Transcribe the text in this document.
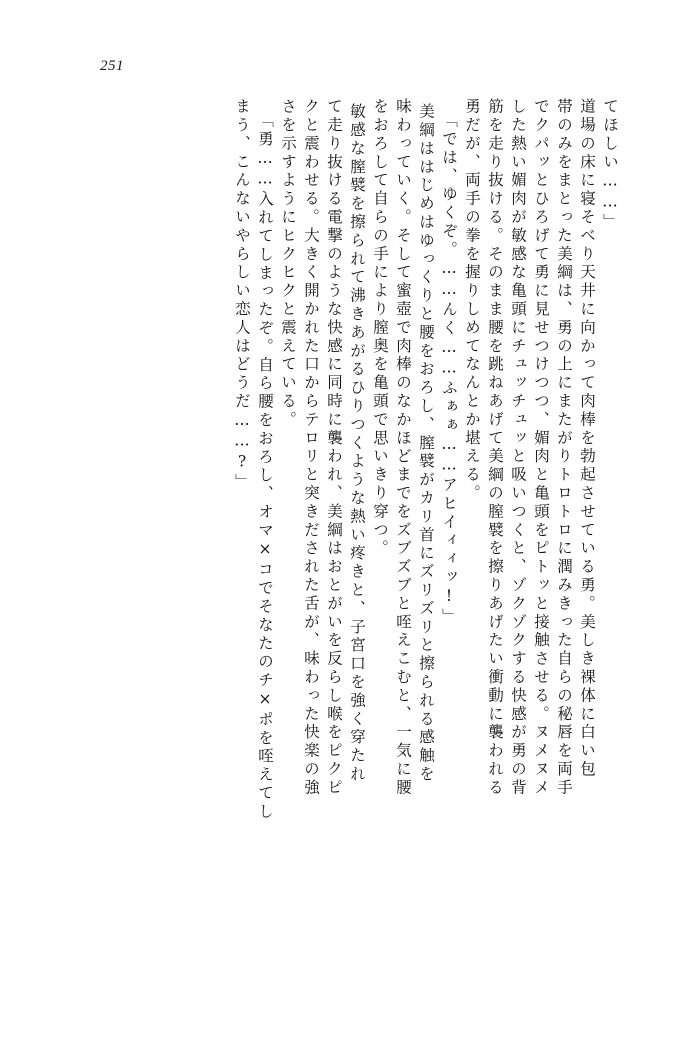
251
てほしい……」
道場の床に寝そべり天井に向かって肉棒を勃起させている勇。美しき裸体に白い包
帯のみをまとった美綱は、勇の上にまたがりトロトロに潤みきった自らの秘唇を両手
でクパッとひろげて勇に見せつけつつ、媚肉と亀頭をピトッと接触させる。ヌメヌメ
した熱い媚肉が敏感な亀頭にチュッチュッと吸いつくと、ゾクゾクする快感が勇の背
筋を走り抜ける。そのまま腰を跳ねあげて美綱の膣襞を擦りあげたい衝動に襲われる
勇だが、両手の拳を握りしめてなんとか堪える。
「では、ゆくぞ。……んく……ふぁぁ……アヒイィィッ!」
美綱ははじめはゆっくりと腰をおろし、膣襞がカリ首にズリズリと擦られる感触を
味わっていく。そして蜜壺で肉棒のなかほどまでをズブズブと咥えこむと、一気に腰
をおろして自らの手により膣奥を亀頭で思いきり穿つ。
敏感な膣襞を擦られて沸きあがるひりつくような熱い疼きと、子宮口を強く穿たれ
て走り抜ける電撃のような快感に同時に襲われ、美綱はおとがいを反らし喉をピクピ
クと震わせる。大きく開かれた口からテロリと突きだされた舌が、味わった快楽の強
さを示すようにヒクヒクと震えている。
「勇……入れてしまったぞ。自ら腰をおろし、オマ×コでそなたのチ×ポを咥えてし
まう、こんないやらしい恋人はどうだ……?」
